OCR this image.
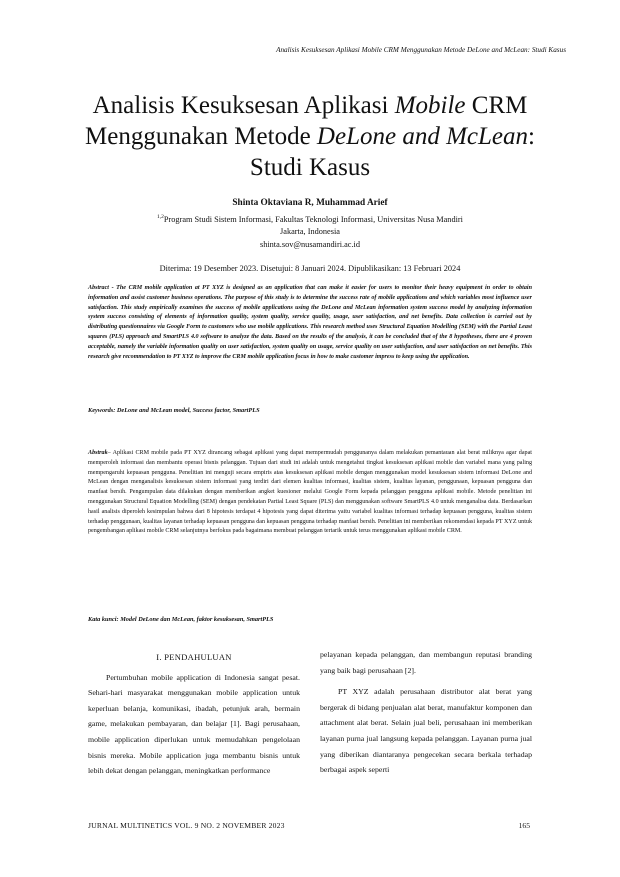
Analisis Kesuksesan Aplikasi Mobile CRM Menggunakan Metode DeLone and McLean: Studi Kasus
Analisis Kesuksesan Aplikasi Mobile CRM
Menggunakan Metode DeLone and McLean:
Studi Kasus
Shinta Oktaviana R, Muhammad Arief
$^{1,2}$Program Studi Sistem Informasi, Fakultas Teknologi Informasi, Universitas Nusa Mandiri
Jakarta, Indonesia
shinta.sov@nusamandiri.ac.id
Diterima: 19 Desember 2023. Disetujui: 8 Januari 2024. Dipublikasikan: 13 Februari 2024
Abstract - The CRM mobile application at PT XYZ is designed as an application that can make it easier for users to monitor their heavy equipment in order to obtain information and assist customer business operations. The purpose of this study is to determine the success rate of mobile applications and which variables most influence user satisfaction. This study empirically examines the success of mobile applications using the DeLone and McLean information system success model by analyzing information system success consisting of elements of information quality, system quality, service quality, usage, user satisfaction, and net benefits. Data collection is carried out by distributing questionnaires via Google Form to customers who use mobile applications. This research method uses Structural Equation Modelling (SEM) with the Partial Least squares (PLS) approach and SmartPLS 4.0 software to analyze the data. Based on the results of the analysis, it can be concluded that of the 8 hypotheses, there are 4 proven acceptable, namely the variable information quality on user satisfaction, system quality on usage, service quality on user satisfaction, and user satisfaction on net benefits. This research give recommendation to PT XYZ to improve the CRM mobile application focus in how to make customer impress to keep using the application.
Keywords: DeLone and McLean model, Success factor, SmartPLS
Abstrak– Aplikasi CRM mobile pada PT XYZ dirancang sebagai aplikasi yang dapat mempermudah penggunanya dalam melakukan pemantauan alat berat miliknya agar dapat memperoleh informasi dan membantu operasi bisnis pelanggan. Tujuan dari studi ini adalah untuk mengetahui tingkat kesuksesan aplikasi mobile dan variabel mana yang paling mempengaruhi kepuasan pengguna. Penelitian ini menguji secara empiris atas kesuksesan aplikasi mobile dengan menggunakan model kesuksesan sistem informasi DeLone and McLean dengan menganalisis kesuksesan sistem informasi yang terdiri dari elemen kualitas informasi, kualitas sistem, kualitas layanan, penggunaan, kepuasan pengguna dan manfaat bersih. Pengumpulan data dilakukan dengan memberikan angket kuesioner melalui Google Form kepada pelanggan pengguna aplikasi mobile. Metode penelitian ini menggunakan Structural Equation Modelling (SEM) dengan pendekatan Partial Least Square (PLS) dan menggunakan software SmartPLS 4.0 untuk menganalisa data. Berdasarkan hasil analisis diperoleh kesimpulan bahwa dari 8 hipotesis terdapat 4 hipotesis yang dapat diterima yaitu variabel kualitas informasi terhadap kepuasan pengguna, kualitas sistem terhadap penggunaan, kualitas layanan terhadap kepuasan pengguna dan kepuasan pengguna terhadap manfaat bersih. Penelitian ini memberikan rekomendasi kepada PT XYZ untuk pengembangan aplikasi mobile CRM selanjutnya berfokus pada bagaimana membuat pelanggan tertarik untuk terus menggunakan aplikasi mobile CRM.
Kata kunci: Model DeLone dan McLean, faktor kesuksesan, SmartPLS
I. PENDAHULUAN

Pertumbuhan mobile application di Indonesia sangat pesat. Sehari-hari masyarakat menggunakan mobile application untuk keperluan belanja, komunikasi, ibadah, petunjuk arah, bermain game, melakukan pembayaran, dan belajar [1]. Bagi perusahaan, mobile application diperlukan untuk memudahkan pengelolaan bisnis mereka. Mobile application juga membantu bisnis untuk lebih dekat dengan pelanggan, meningkatkan performance

pelayanan kepada pelanggan, dan membangun reputasi branding yang baik bagi perusahaan [2].

PT XYZ adalah perusahaan distributor alat berat yang bergerak di bidang penjualan alat berat, manufaktur komponen dan attachment alat berat. Selain jual beli, perusahaan ini memberikan layanan purna jual langsung kepada pelanggan. Layanan purna jual yang diberikan diantaranya pengecekan secara berkala terhadap berbagai aspek seperti

JURNAL MULTINETICS VOL. 9 NO. 2 NOVEMBER 2023	165
